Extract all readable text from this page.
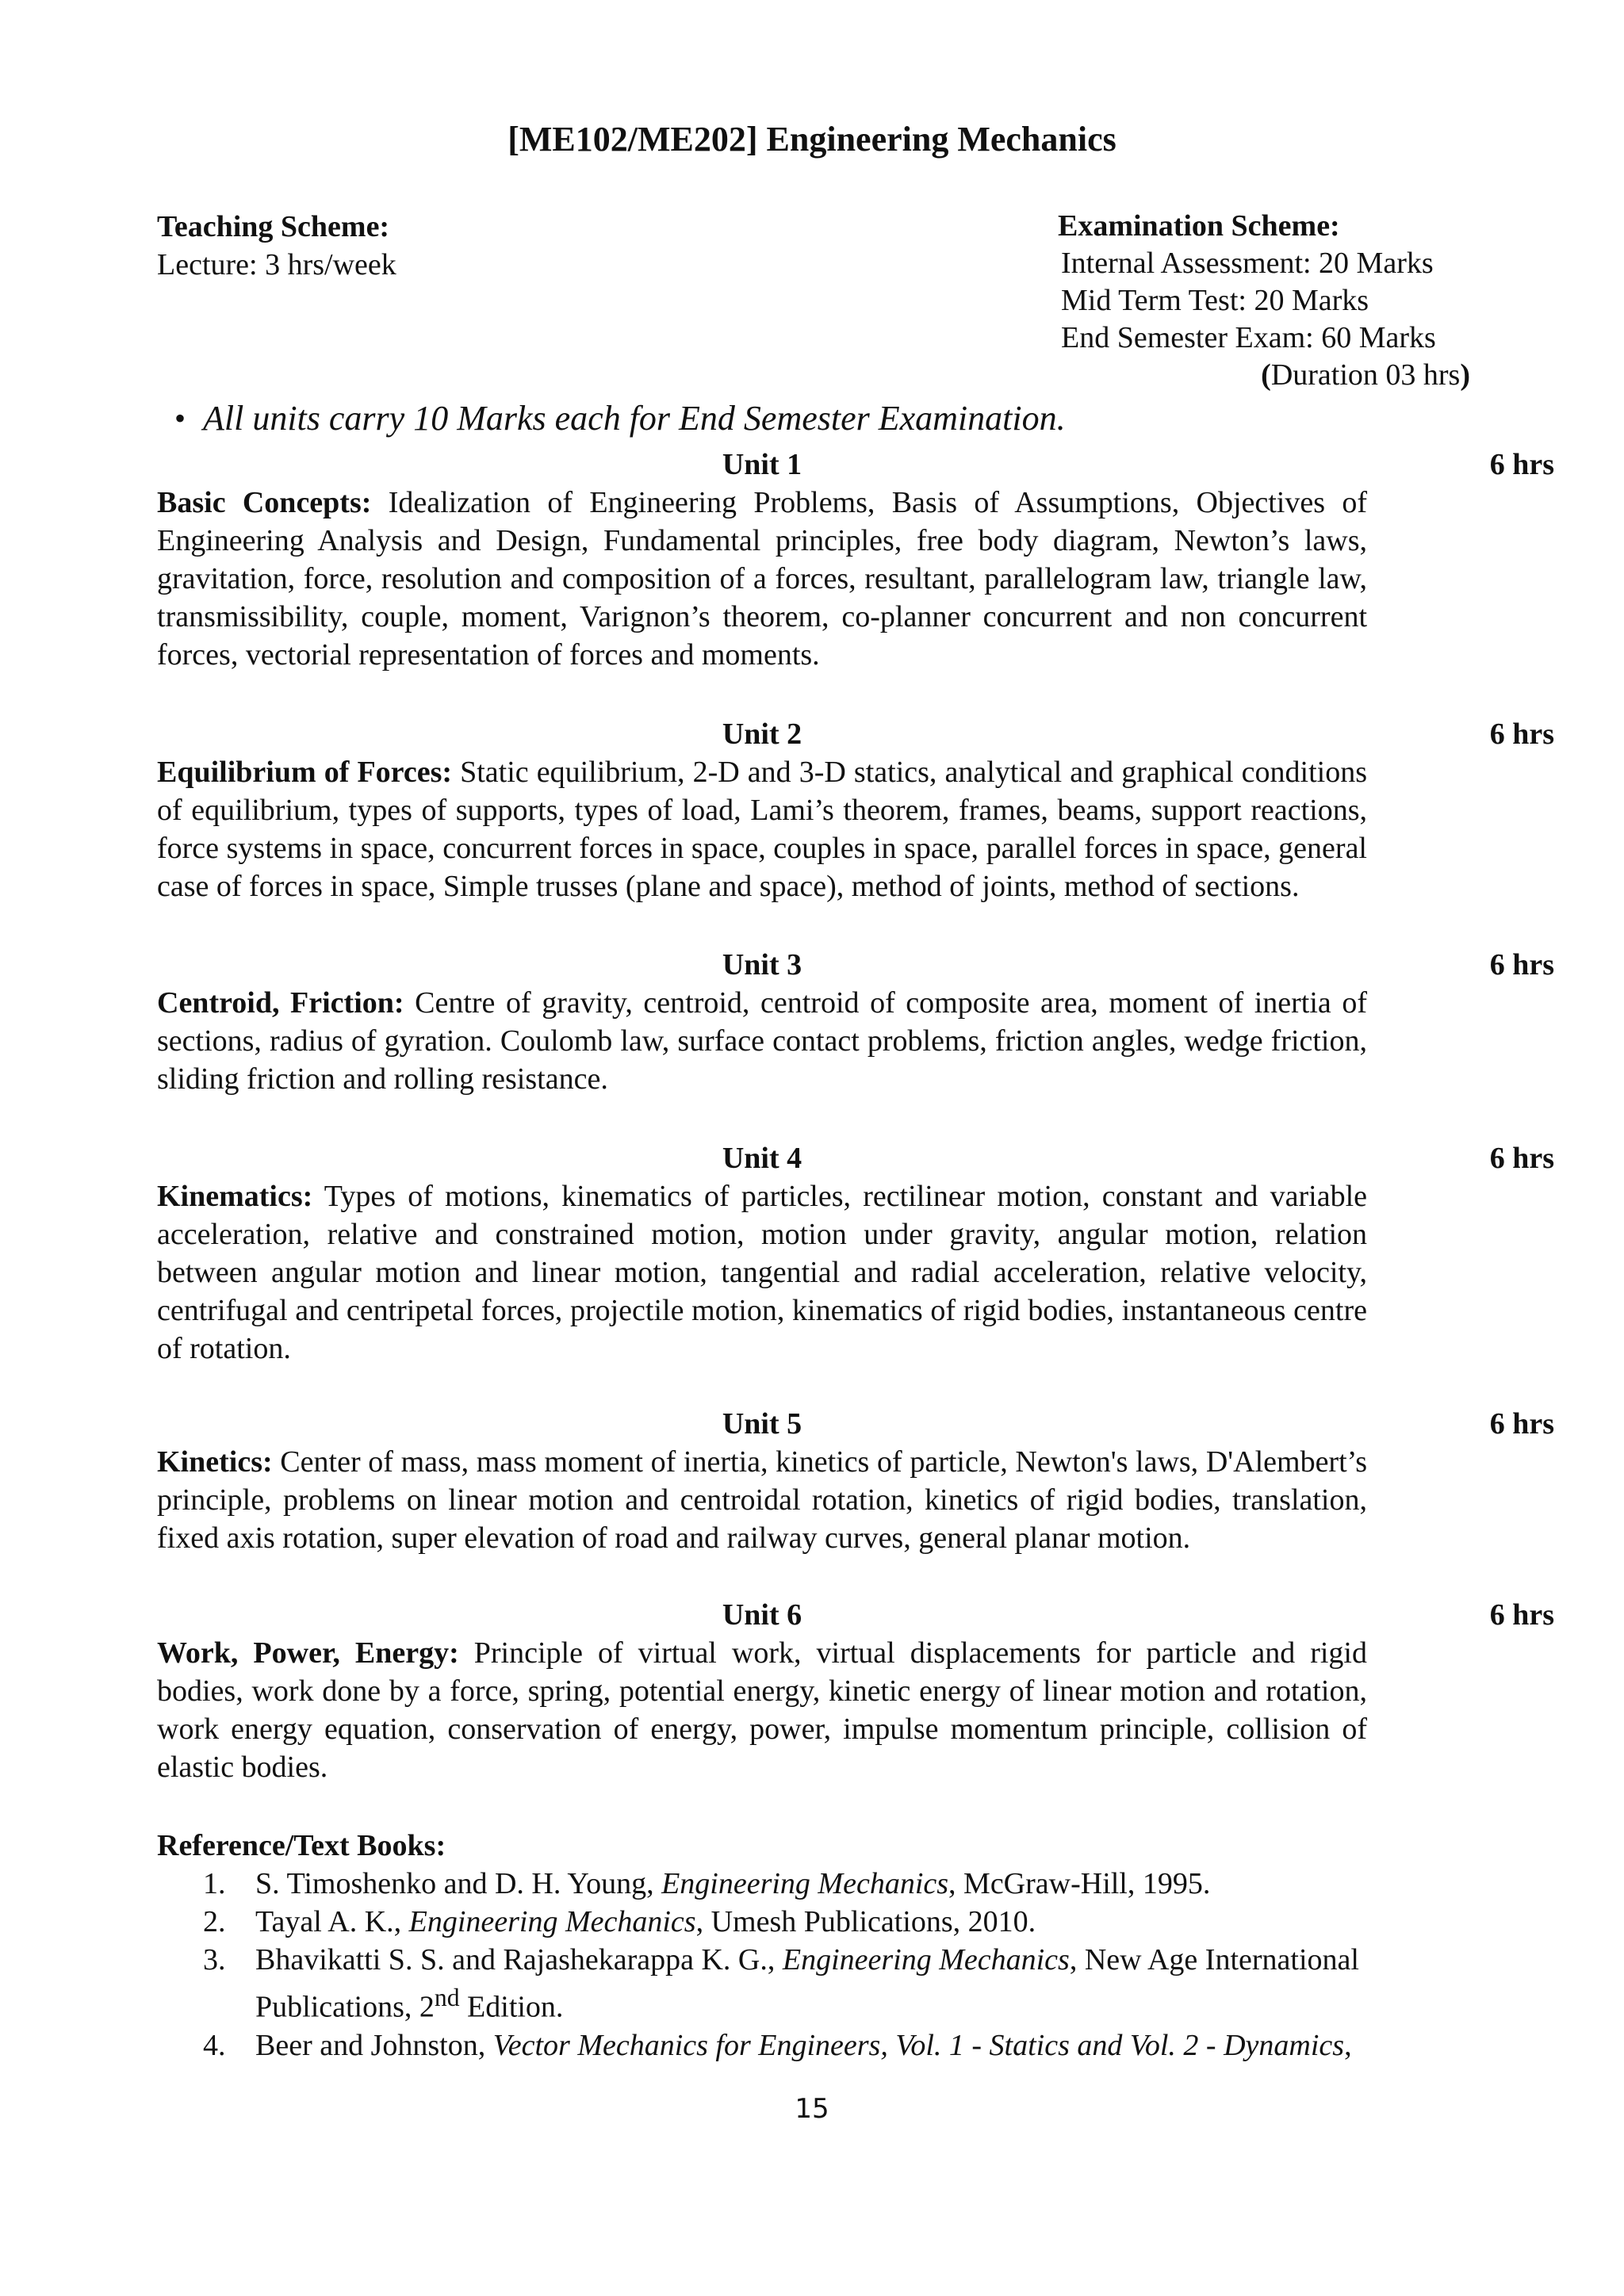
[ME102/ME202] Engineering Mechanics
Teaching Scheme:
Lecture: 3 hrs/week
Examination Scheme:
Internal Assessment: 20 Marks
Mid Term Test: 20 Marks
End Semester Exam: 60 Marks
(Duration 03 hrs)
• All units carry 10 Marks each for End Semester Examination.
Unit 1	6 hrs
Basic Concepts: Idealization of Engineering Problems, Basis of Assumptions, Objectives of Engineering Analysis and Design, Fundamental principles, free body diagram, Newton’s laws, gravitation, force, resolution and composition of a forces, resultant, parallelogram law, triangle law, transmissibility, couple, moment, Varignon’s theorem, co-planner concurrent and non concurrent forces, vectorial representation of forces and moments.
Unit 2	6 hrs
Equilibrium of Forces: Static equilibrium, 2-D and 3-D statics, analytical and graphical conditions of equilibrium, types of supports, types of load, Lami’s theorem, frames, beams, support reactions, force systems in space, concurrent forces in space, couples in space, parallel forces in space, general case of forces in space, Simple trusses (plane and space), method of joints, method of sections.
Unit 3	6 hrs
Centroid, Friction: Centre of gravity, centroid, centroid of composite area, moment of inertia of sections, radius of gyration. Coulomb law, surface contact problems, friction angles, wedge friction, sliding friction and rolling resistance.
Unit 4	6 hrs
Kinematics: Types of motions, kinematics of particles, rectilinear motion, constant and variable acceleration, relative and constrained motion, motion under gravity, angular motion, relation between angular motion and linear motion, tangential and radial acceleration, relative velocity, centrifugal and centripetal forces, projectile motion, kinematics of rigid bodies, instantaneous centre of rotation.
Unit 5	6 hrs
Kinetics: Center of mass, mass moment of inertia, kinetics of particle, Newton's laws, D'Alembert’s principle, problems on linear motion and centroidal rotation, kinetics of rigid bodies, translation, fixed axis rotation, super elevation of road and railway curves, general planar motion.
Unit 6	6 hrs
Work, Power, Energy: Principle of virtual work, virtual displacements for particle and rigid bodies, work done by a force, spring, potential energy, kinetic energy of linear motion and rotation, work energy equation, conservation of energy, power, impulse momentum principle, collision of elastic bodies.
Reference/Text Books:
1. S. Timoshenko and D. H. Young, Engineering Mechanics, McGraw-Hill, 1995.
2. Tayal A. K., Engineering Mechanics, Umesh Publications, 2010.
3. Bhavikatti S. S. and Rajashekarappa K. G., Engineering Mechanics, New Age International Publications, 2nd Edition.
4. Beer and Johnston, Vector Mechanics for Engineers, Vol. 1 - Statics and Vol. 2 - Dynamics,
15
